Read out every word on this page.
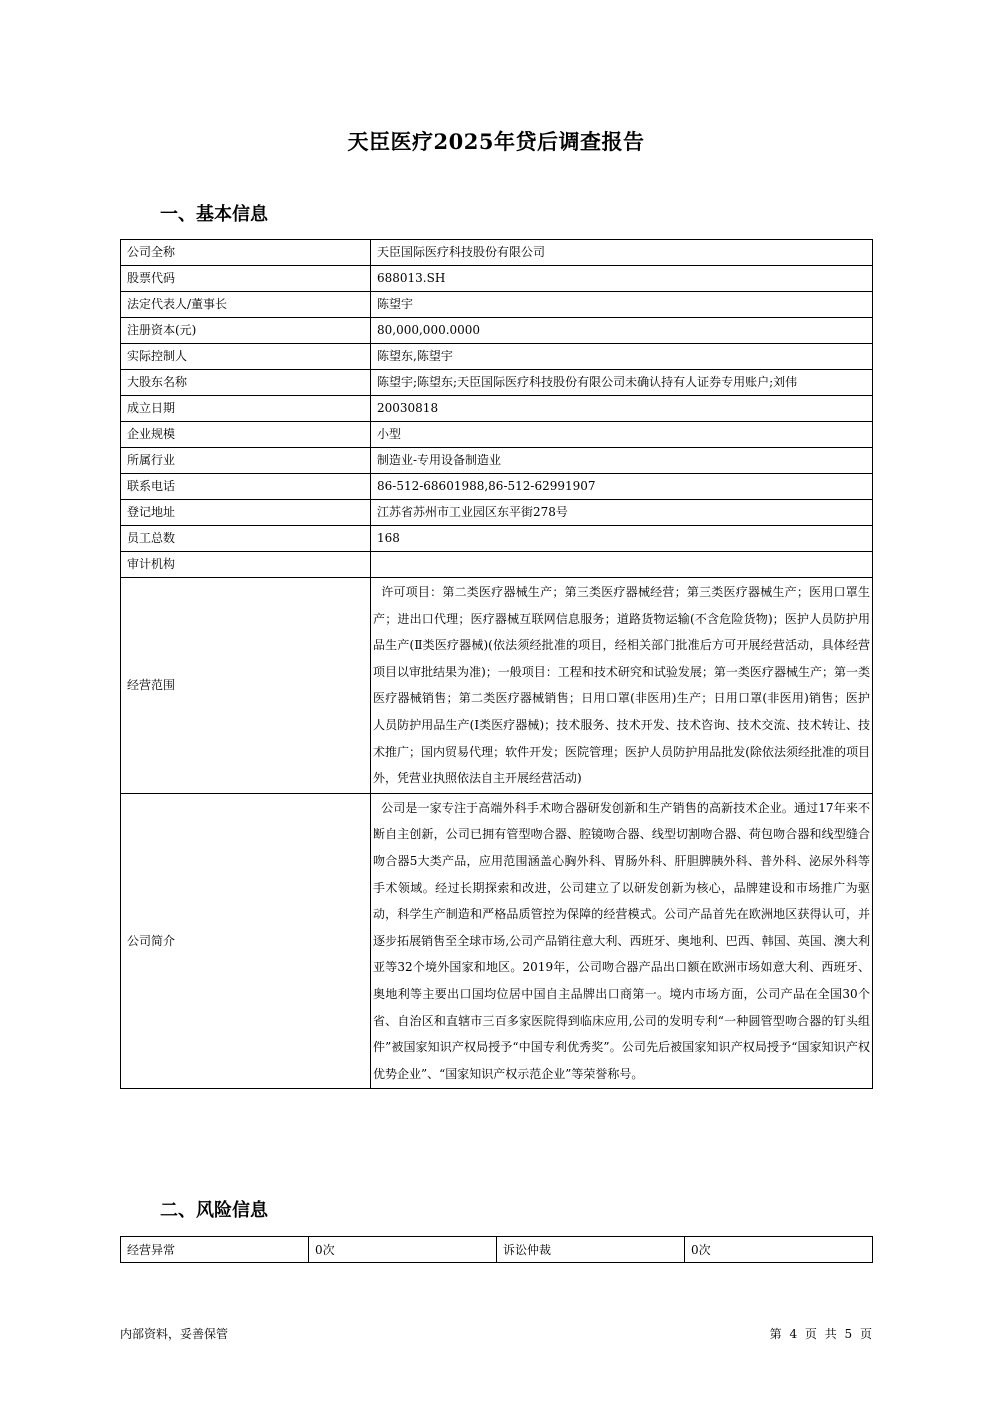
天臣医疗2025年贷后调查报告
一、基本信息
公司全称	天臣国际医疗科技股份有限公司
股票代码	688013.SH
法定代表人/董事长	陈望宇
注册资本(元)	80,000,000.0000
实际控制人	陈望东,陈望宇
大股东名称	陈望宇;陈望东;天臣国际医疗科技股份有限公司未确认持有人证券专用账户;刘伟
成立日期	20030818
企业规模	小型
所属行业	制造业-专用设备制造业
联系电话	86-512-68601988,86-512-62991907
登记地址	江苏省苏州市工业园区东平街278号
员工总数	168
审计机构	
经营范围	许可项目：第二类医疗器械生产；第三类医疗器械经营；第三类医疗器械生产；医用口罩生产；进出口代理；医疗器械互联网信息服务；道路货物运输(不含危险货物)；医护人员防护用品生产(Ⅱ类医疗器械)(依法须经批准的项目，经相关部门批准后方可开展经营活动，具体经营项目以审批结果为准)；一般项目：工程和技术研究和试验发展；第一类医疗器械生产；第一类医疗器械销售；第二类医疗器械销售；日用口罩(非医用)生产；日用口罩(非医用)销售；医护人员防护用品生产(Ⅰ类医疗器械)；技术服务、技术开发、技术咨询、技术交流、技术转让、技术推广；国内贸易代理；软件开发；医院管理；医护人员防护用品批发(除依法须经批准的项目外，凭营业执照依法自主开展经营活动)
公司简介	公司是一家专注于高端外科手术吻合器研发创新和生产销售的高新技术企业。通过17年来不断自主创新，公司已拥有管型吻合器、腔镜吻合器、线型切割吻合器、荷包吻合器和线型缝合吻合器5大类产品，应用范围涵盖心胸外科、胃肠外科、肝胆脾胰外科、普外科、泌尿外科等手术领域。经过长期探索和改进，公司建立了以研发创新为核心，品牌建设和市场推广为驱动，科学生产制造和严格品质管控为保障的经营模式。公司产品首先在欧洲地区获得认可，并逐步拓展销售至全球市场,公司产品销往意大利、西班牙、奥地利、巴西、韩国、英国、澳大利亚等32个境外国家和地区。2019年，公司吻合器产品出口额在欧洲市场如意大利、西班牙、奥地利等主要出口国均位居中国自主品牌出口商第一。境内市场方面，公司产品在全国30个省、自治区和直辖市三百多家医院得到临床应用,公司的发明专利“一种圆管型吻合器的钉头组件”被国家知识产权局授予“中国专利优秀奖”。公司先后被国家知识产权局授予“国家知识产权优势企业”、“国家知识产权示范企业”等荣誉称号。
二、风险信息
经营异常	0次	诉讼仲裁	0次
内部资料，妥善保管	第 4 页 共 5 页
